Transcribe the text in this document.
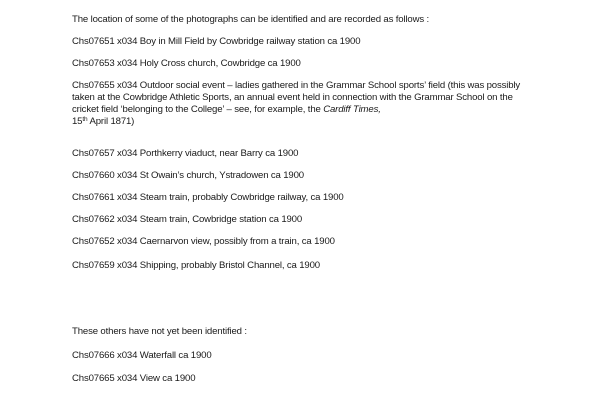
The location of some of the photographs can be identified and are recorded as follows :

Chs07651 x034 Boy in Mill Field by Cowbridge railway station ca 1900

Chs07653 x034 Holy Cross church, Cowbridge ca 1900

Chs07655 x034 Outdoor social event – ladies gathered in the Grammar School sports’ field (this was possibly taken at the Cowbridge Athletic Sports, an annual event held in connection with the Grammar School on the cricket field ‘belonging to the College’ – see, for example, the Cardiff Times,
15th April 1871)

Chs07657 x034 Porthkerry viaduct, near Barry ca 1900

Chs07660 x034 St Owain’s church, Ystradowen ca 1900

Chs07661 x034 Steam train, probably Cowbridge railway, ca 1900

Chs07662 x034 Steam train, Cowbridge station ca 1900

Chs07652 x034 Caernarvon view, possibly from a train, ca 1900

Chs07659 x034 Shipping, probably Bristol Channel, ca 1900

These others have not yet been identified :

Chs07666 x034 Waterfall ca 1900

Chs07665 x034 View ca 1900
